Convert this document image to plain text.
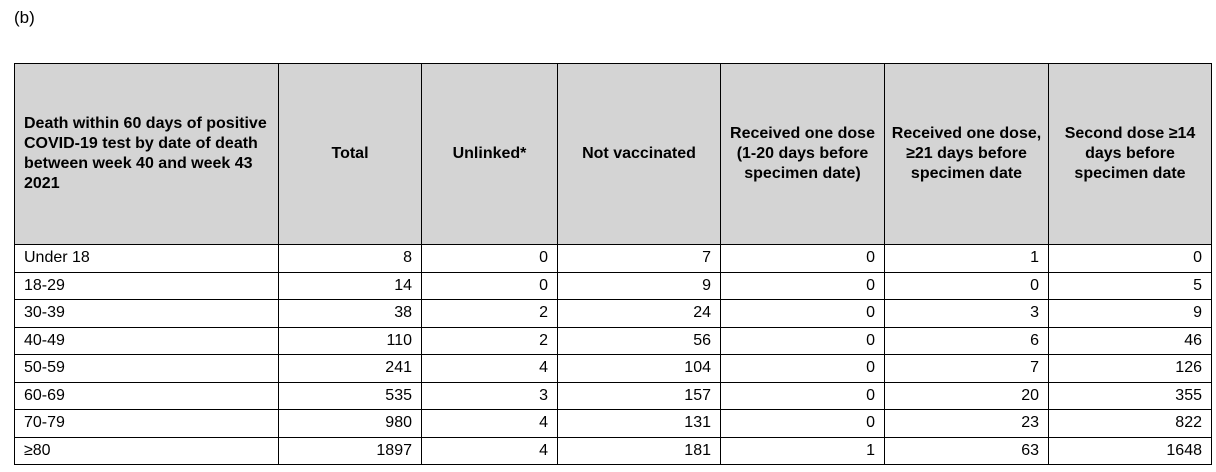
(b)
Death within 60 days of positive COVID-19 test by date of death between week 40 and week 43 2021	Total	Unlinked*	Not vaccinated	Received one dose (1-20 days before specimen date)	Received one dose, ≥21 days before specimen date	Second dose ≥14 days before specimen date
Under 18	8	0	7	0	1	0
18-29	14	0	9	0	0	5
30-39	38	2	24	0	3	9
40-49	110	2	56	0	6	46
50-59	241	4	104	0	7	126
60-69	535	3	157	0	20	355
70-79	980	4	131	0	23	822
≥80	1897	4	181	1	63	1648
